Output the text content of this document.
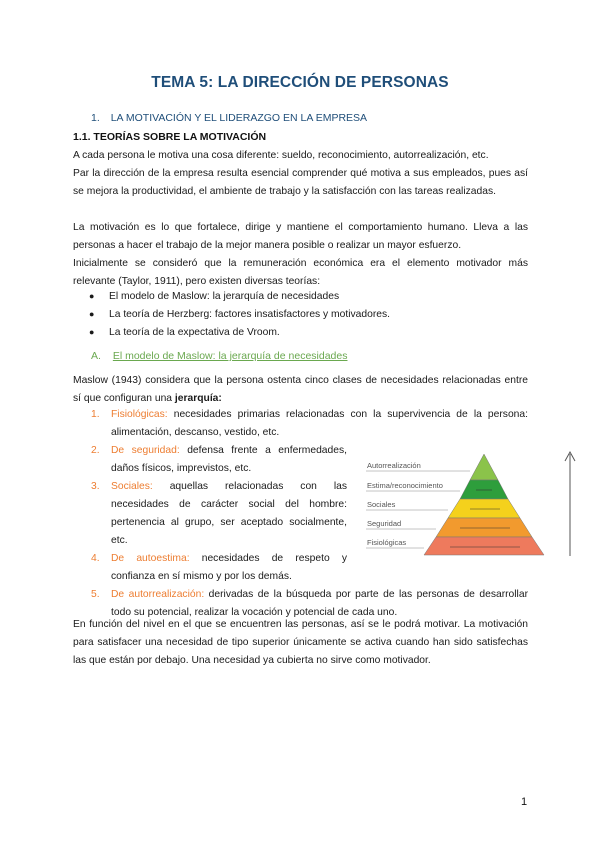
TEMA 5: LA DIRECCIÓN DE PERSONAS
1. LA MOTIVACIÓN Y EL LIDERAZGO EN LA EMPRESA
1.1. TEORÍAS SOBRE LA MOTIVACIÓN
A cada persona le motiva una cosa diferente: sueldo, reconocimiento, autorrealización, etc.
Par la dirección de la empresa resulta esencial comprender qué motiva a sus empleados, pues así se mejora la productividad, el ambiente de trabajo y la satisfacción con las tareas realizadas.
La motivación es lo que fortalece, dirige y mantiene el comportamiento humano. Lleva a las personas a hacer el trabajo de la mejor manera posible o realizar un mayor esfuerzo.
Inicialmente se consideró que la remuneración económica era el elemento motivador más relevante (Taylor, 1911), pero existen diversas teorías:
● El modelo de Maslow: la jerarquía de necesidades
● La teoría de Herzberg: factores insatisfactores y motivadores.
● La teoría de la expectativa de Vroom.
A. El modelo de Maslow: la jerarquía de necesidades
Maslow (1943) considera que la persona ostenta cinco clases de necesidades relacionadas entre sí que configuran una jerarquía:
1. Fisiológicas: necesidades primarias relacionadas con la supervivencia de la persona: alimentación, descanso, vestido, etc.
2. De seguridad: defensa frente a enfermedades, daños físicos, imprevistos, etc.
3. Sociales: aquellas relacionadas con las necesidades de carácter social del hombre: pertenencia al grupo, ser aceptado socialmente, etc.
4. De autoestima: necesidades de respeto y confianza en sí mismo y por los demás.
5. De autorrealización: derivadas de la búsqueda por parte de las personas de desarrollar todo su potencial, realizar la vocación y potencial de cada uno.
Autorrealización
Estima/reconocimiento
Sociales
Seguridad
Fisiológicas
En función del nivel en el que se encuentren las personas, así se le podrá motivar. La motivación para satisfacer una necesidad de tipo superior únicamente se activa cuando han sido satisfechas las que están por debajo. Una necesidad ya cubierta no sirve como motivador.
1
